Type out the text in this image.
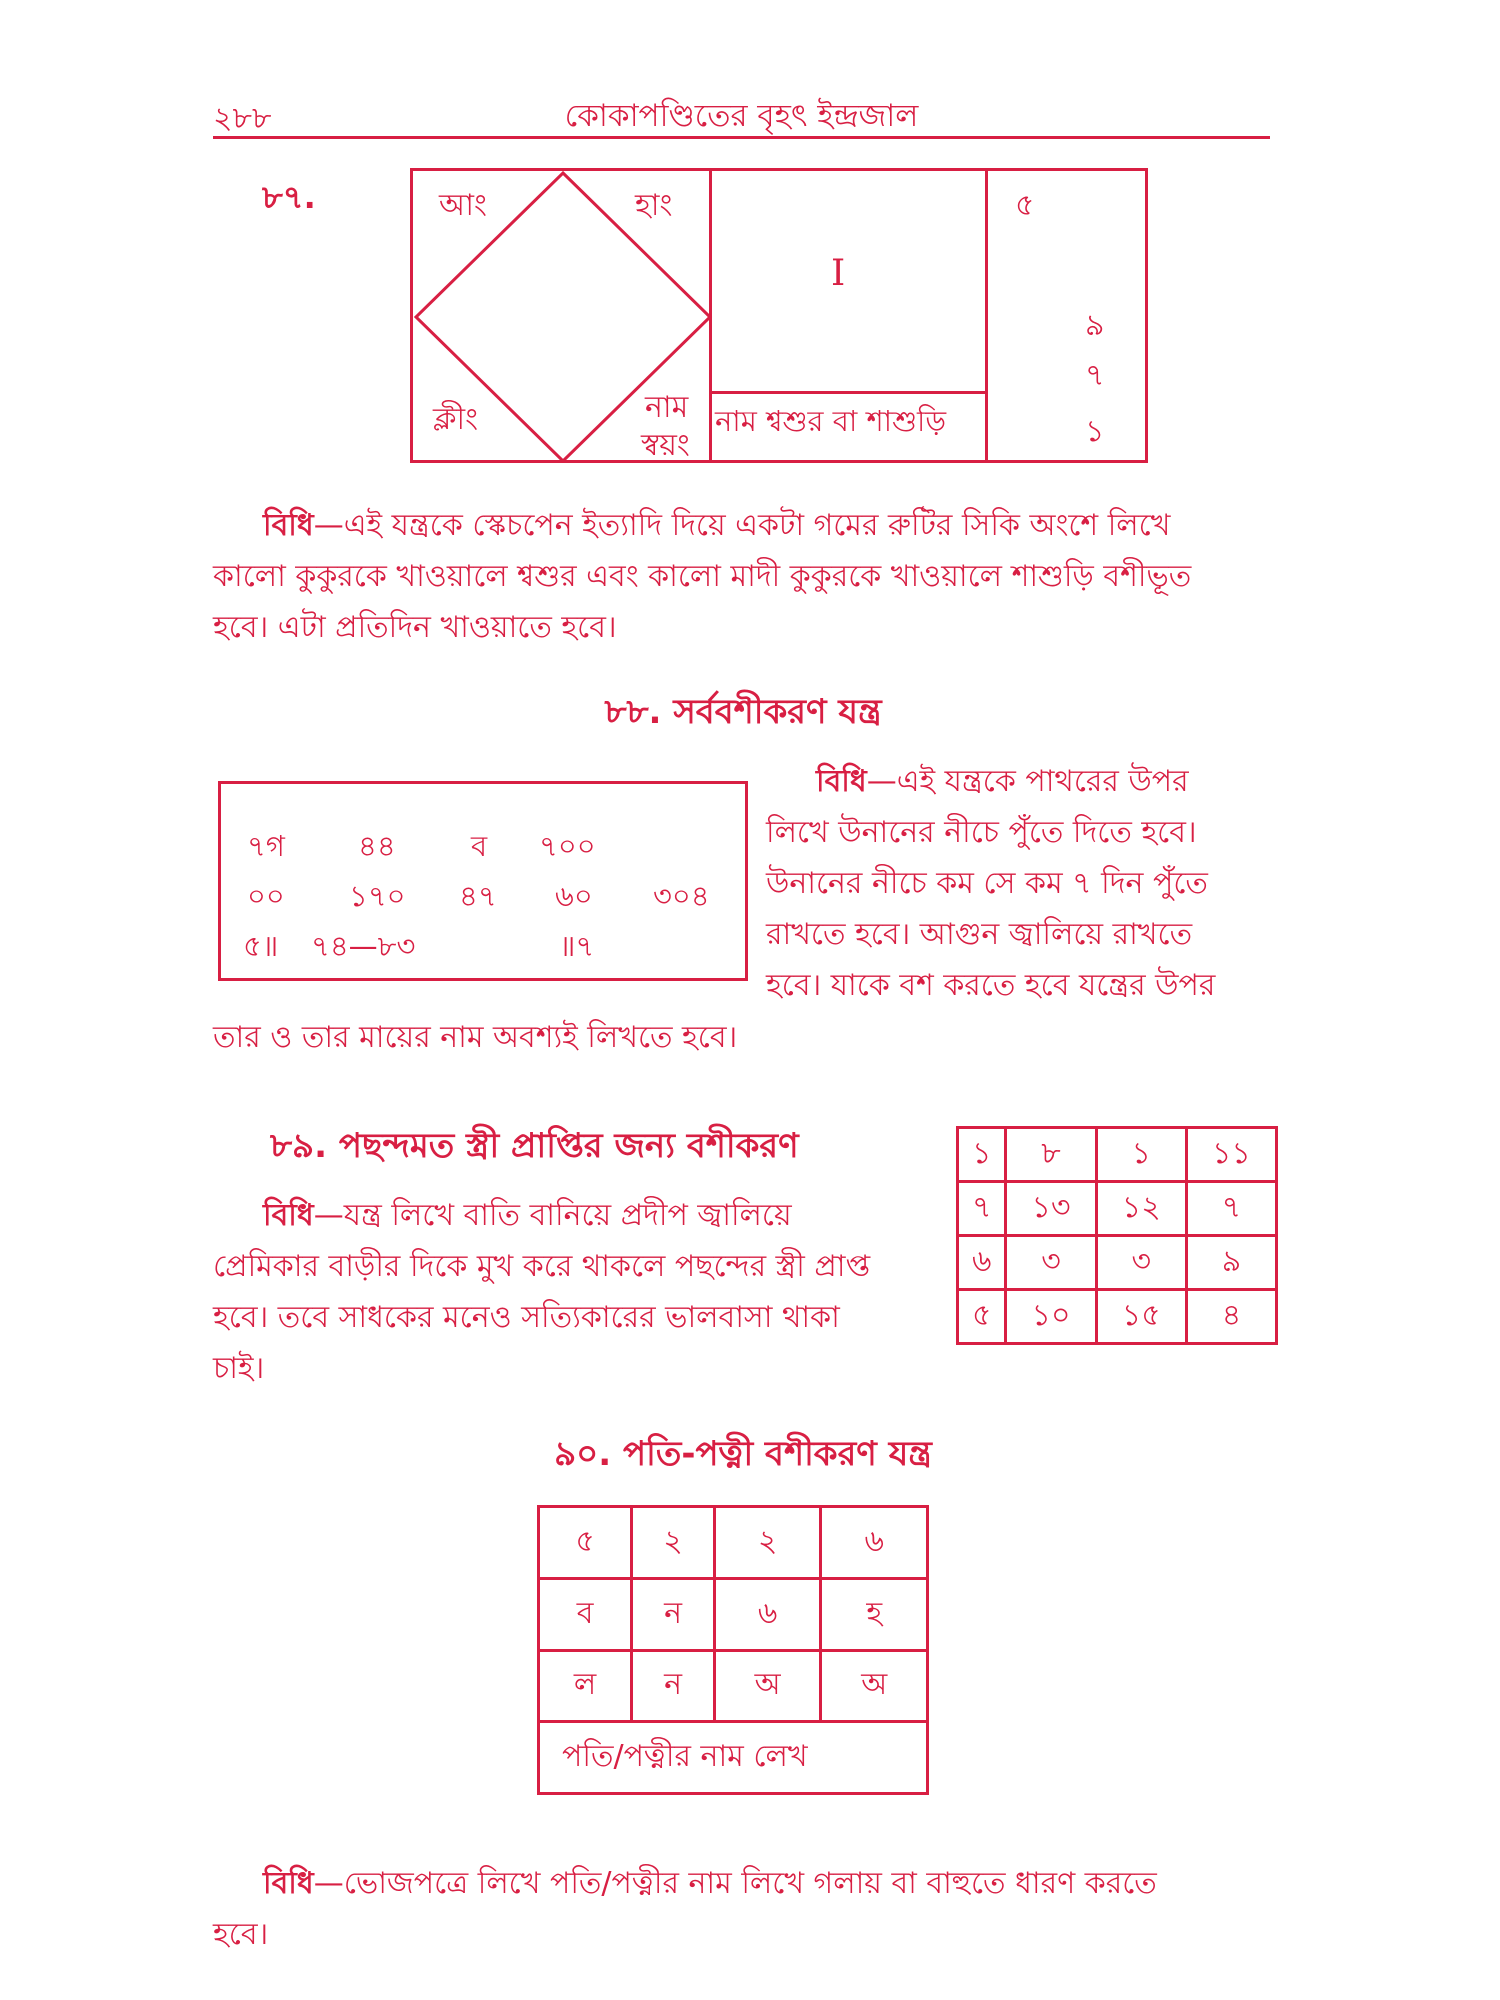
২৮৮	কোকাপণ্ডিতের বৃহৎ ইন্দ্রজাল
৮৭.	আং	হাং
ক্লীং	নাম
স্বয়ং
I
নাম শ্বশুর বা শাশুড়ি
৫
৯
৭
১
বিধি—এই যন্ত্রকে স্কেচপেন ইত্যাদি দিয়ে একটা গমের রুটির সিকি অংশে লিখে
কালো কুকুরকে খাওয়ালে শ্বশুর এবং কালো মাদী কুকুরকে খাওয়ালে শাশুড়ি বশীভূত
হবে। এটা প্রতিদিন খাওয়াতে হবে।
৮৮. সর্ববশীকরণ যন্ত্র
৭গ	৪৪	ব ৭০০
০০ ১৭০ ৪৭ ৬০ ৩০৪
৫॥ ৭৪—৮৩	॥৭
বিধি—এই যন্ত্রকে পাথরের উপর
লিখে উনানের নীচে পুঁতে দিতে হবে।
উনানের নীচে কম সে কম ৭ দিন পুঁতে
রাখতে হবে। আগুন জ্বালিয়ে রাখতে
হবে। যাকে বশ করতে হবে যন্ত্রের উপর
তার ও তার মায়ের নাম অবশ্যই লিখতে হবে।
৮৯. পছন্দমত স্ত্রী প্রাপ্তির জন্য বশীকরণ	১	৮	১	১১
৭	১৩	১২	৭
৬	৩	৩	৯
৫	১০	১৫	৪
বিধি—যন্ত্র লিখে বাতি বানিয়ে প্রদীপ জ্বালিয়ে
প্রেমিকার বাড়ীর দিকে মুখ করে থাকলে পছন্দের স্ত্রী প্রাপ্ত
হবে। তবে সাধকের মনেও সত্যিকারের ভালবাসা থাকা
চাই।
৯০. পতি-পত্নী বশীকরণ যন্ত্র
৫	২	২	৬
ব	ন	৬	হ
ল	ন	অ	অ
পতি/পত্নীর নাম লেখ			
বিধি—ভোজপত্রে লিখে পতি/পত্নীর নাম লিখে গলায় বা বাহুতে ধারণ করতে
হবে।
